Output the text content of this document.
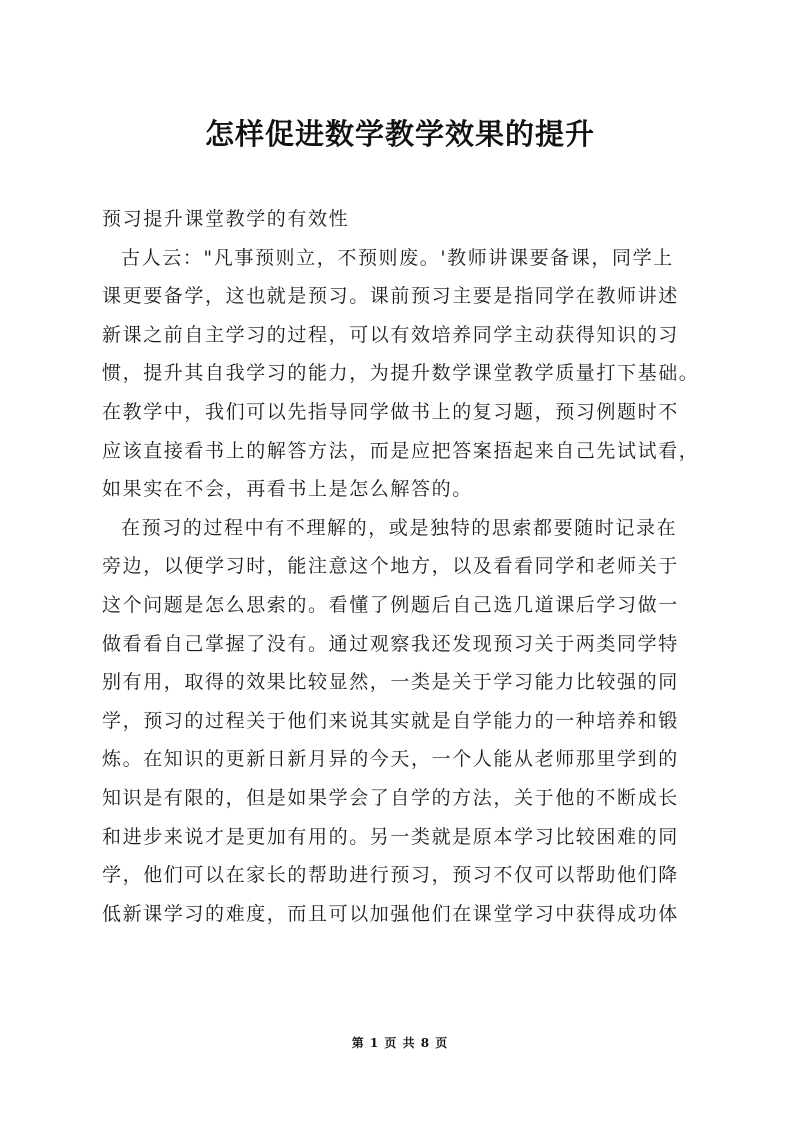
怎样促进数学教学效果的提升
预习提升课堂教学的有效性
古人云："凡事预则立，不预则废。'教师讲课要备课，同学上
课更要备学，这也就是预习。课前预习主要是指同学在教师讲述
新课之前自主学习的过程，可以有效培养同学主动获得知识的习
惯，提升其自我学习的能力，为提升数学课堂教学质量打下基础。
在教学中，我们可以先指导同学做书上的复习题，预习例题时不
应该直接看书上的解答方法，而是应把答案捂起来自己先试试看，
如果实在不会，再看书上是怎么解答的。
在预习的过程中有不理解的，或是独特的思索都要随时记录在
旁边，以便学习时，能注意这个地方，以及看看同学和老师关于
这个问题是怎么思索的。看懂了例题后自己选几道课后学习做一
做看看自己掌握了没有。通过观察我还发现预习关于两类同学特
别有用，取得的效果比较显然，一类是关于学习能力比较强的同
学，预习的过程关于他们来说其实就是自学能力的一种培养和锻
炼。在知识的更新日新月异的今天，一个人能从老师那里学到的
知识是有限的，但是如果学会了自学的方法，关于他的不断成长
和进步来说才是更加有用的。另一类就是原本学习比较困难的同
学，他们可以在家长的帮助进行预习，预习不仅可以帮助他们降
低新课学习的难度，而且可以加强他们在课堂学习中获得成功体
第 1 页 共 8 页
